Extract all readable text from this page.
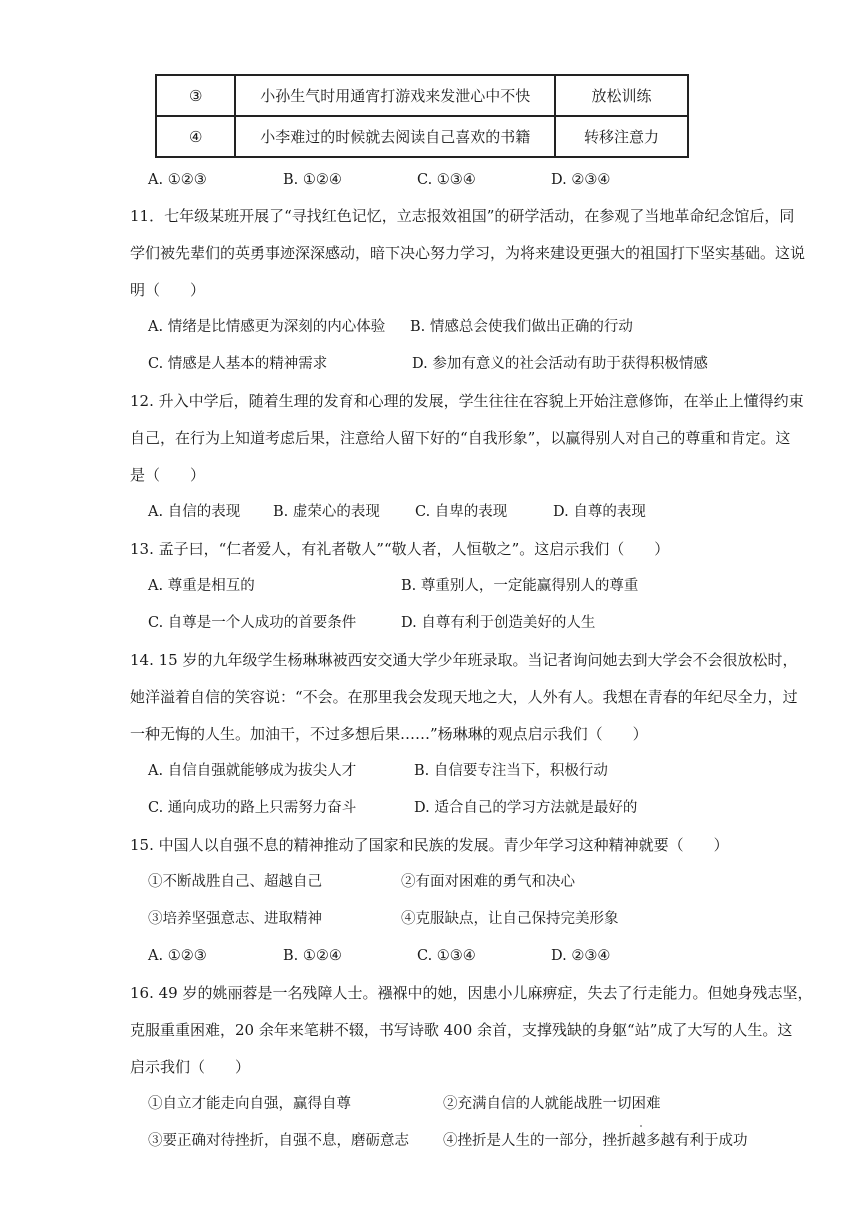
③	小孙生气时用通宵打游戏来发泄心中不快	放松训练
④	小李难过的时候就去阅读自己喜欢的书籍	转移注意力
A. ①②③	B. ①②④	C. ①③④	D. ②③④
11．七年级某班开展了“寻找红色记忆，立志报效祖国”的研学活动，在参观了当地革命纪念馆后，同
学们被先辈们的英勇事迹深深感动，暗下决心努力学习，为将来建设更强大的祖国打下坚实基础。这说
明（　　）
A. 情绪是比情感更为深刻的内心体验 B. 情感总会使我们做出正确的行动
C. 情感是人基本的精神需求	D. 参加有意义的社会活动有助于获得积极情感
12. 升入中学后，随着生理的发育和心理的发展，学生往往在容貌上开始注意修饰，在举止上懂得约束
自己，在行为上知道考虑后果，注意给人留下好的“自我形象”，以赢得别人对自己的尊重和肯定。这
是（　　）
A. 自信的表现 B. 虚荣心的表现 C. 自卑的表现	D. 自尊的表现
13. 孟子曰，“仁者爱人，有礼者敬人”“敬人者，人恒敬之”。这启示我们（　　）
A. 尊重是相互的	B. 尊重别人，一定能赢得别人的尊重
C. 自尊是一个人成功的首要条件	D. 自尊有利于创造美好的人生
14. 15 岁的九年级学生杨琳琳被西安交通大学少年班录取。当记者询问她去到大学会不会很放松时，
她洋溢着自信的笑容说：“不会。在那里我会发现天地之大，人外有人。我想在青春的年纪尽全力，过
一种无悔的人生。加油干，不过多想后果……”杨琳琳的观点启示我们（　　）
A. 自信自强就能够成为拔尖人才	B. 自信要专注当下，积极行动
C. 通向成功的路上只需努力奋斗	D. 适合自己的学习方法就是最好的
15. 中国人以自强不息的精神推动了国家和民族的发展。青少年学习这种精神就要（　　）
①不断战胜自己、超越自己	②有面对困难的勇气和决心
③培养坚强意志、进取精神	④克服缺点，让自己保持完美形象
A. ①②③	B. ①②④	C. ①③④	D. ②③④
16. 49 岁的姚丽蓉是一名残障人士。襁褓中的她，因患小儿麻痹症，失去了行走能力。但她身残志坚，
克服重重困难，20 余年来笔耕不辍，书写诗歌 400 余首，支撑残缺的身躯“站”成了大写的人生。这
启示我们（　　）
①自立才能走向自强，赢得自尊	②充满自信的人就能战胜一切困难
③要正确对待挫折，自强不息，磨砺意志 ④挫折是人生的一部分，挫折越多越有利于成功
